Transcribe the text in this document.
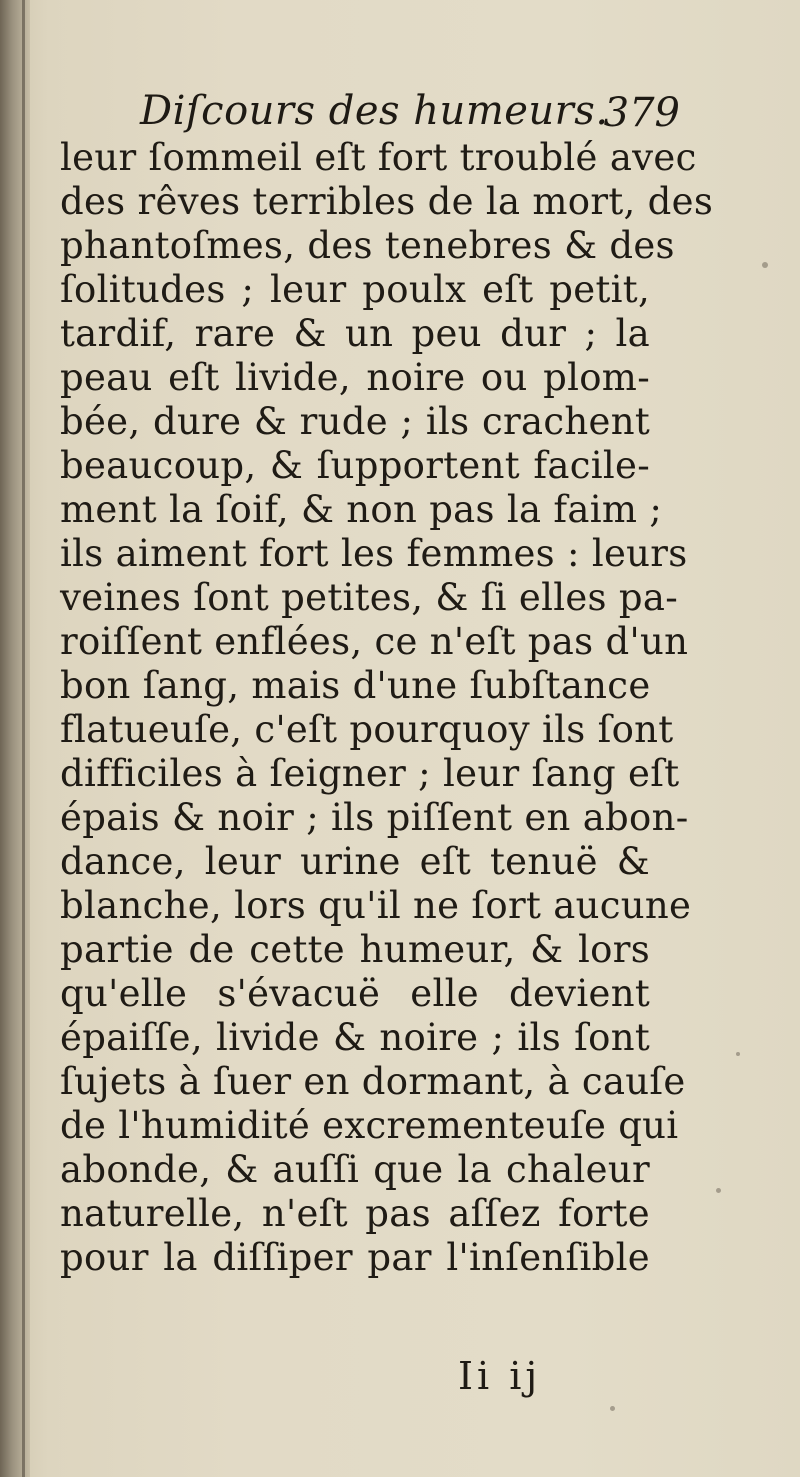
Diſcours des humeurs.
379
leur ſommeil eſt fort troublé avec
des rêves terribles de la mort, des
phantoſmes, des tenebres & des
ſolitudes ; leur poulx eſt petit,
tardif, rare & un peu dur ; la
peau eſt livide, noire ou plom-
bée, dure & rude ; ils crachent
beaucoup, & ſupportent facile-
ment la ſoif, & non pas la faim ;
ils aiment fort les femmes : leurs
veines ſont petites, & ſi elles pa-
roiſſent enflées, ce n'eſt pas d'un
bon ſang, mais d'une ſubſtance
flatueuſe, c'eſt pourquoy ils ſont
difficiles à ſeigner ; leur ſang eſt
épais & noir ; ils piſſent en abon-
dance, leur urine eſt tenuë &
blanche, lors qu'il ne ſort aucune
partie de cette humeur, & lors
qu'elle s'évacuë elle devient
épaiſſe, livide & noire ; ils ſont
ſujets à ſuer en dormant, à cauſe
de l'humidité excrementeuſe qui
abonde, & auſſi que la chaleur
naturelle, n'eſt pas aſſez forte
pour la diſſiper par l'inſenſible
Ii ij
